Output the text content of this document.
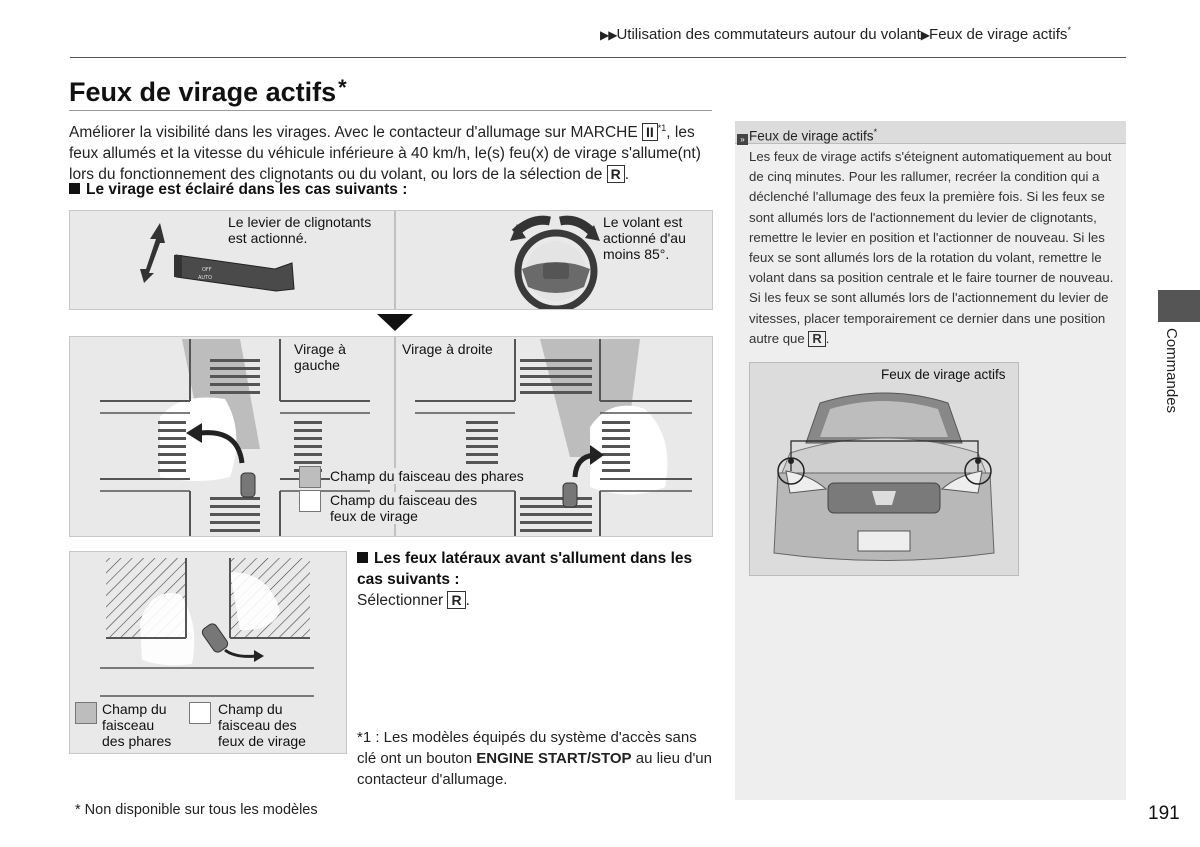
▶▶Utilisation des commutateurs autour du volant▶Feux de virage actifs*
Feux de virage actifs*
Améliorer la visibilité dans les virages. Avec le contacteur d'allumage sur MARCHE II $^{*1}$, les feux allumés et la vitesse du véhicule inférieure à 40 km/h, le(s) feu(x) de virage s'allume(nt) lors du fonctionnement des clignotants ou du volant, ou lors de la sélection de R .
Le virage est éclairé dans les cas suivants :
OFF
AUTO
Le levier de clignotants
est actionné.
Le volant est
actionné d'au
moins 85°.
Virage à
gauche
Virage à droite
Champ du faisceau des phares
Champ du faisceau des
feux de virage
Champ du
faisceau
des phares
Champ du
faisceau des
feux de virage
Les feux latéraux avant s'allument dans les cas suivants :
Sélectionner R .
*1 : Les modèles équipés du système d'accès sans clé ont un bouton ENGINE START/STOP au lieu d'un contacteur d'allumage.
* Non disponible sur tous les modèles	191
Commandes
» Feux de virage actifs*
Les feux de virage actifs s'éteignent automatiquement au bout de cinq minutes. Pour les rallumer, recréer la condition qui a déclenché l'allumage des feux la première fois. Si les feux se sont allumés lors de l'actionnement du levier de clignotants, remettre le levier en position et l'actionner de nouveau. Si les feux se sont allumés lors de la rotation du volant, remettre le volant dans sa position centrale et le faire tourner de nouveau. Si les feux se sont allumés lors de l'actionnement du levier de vitesses, placer temporairement ce dernier dans une position autre que R .
Feux de virage actifs
